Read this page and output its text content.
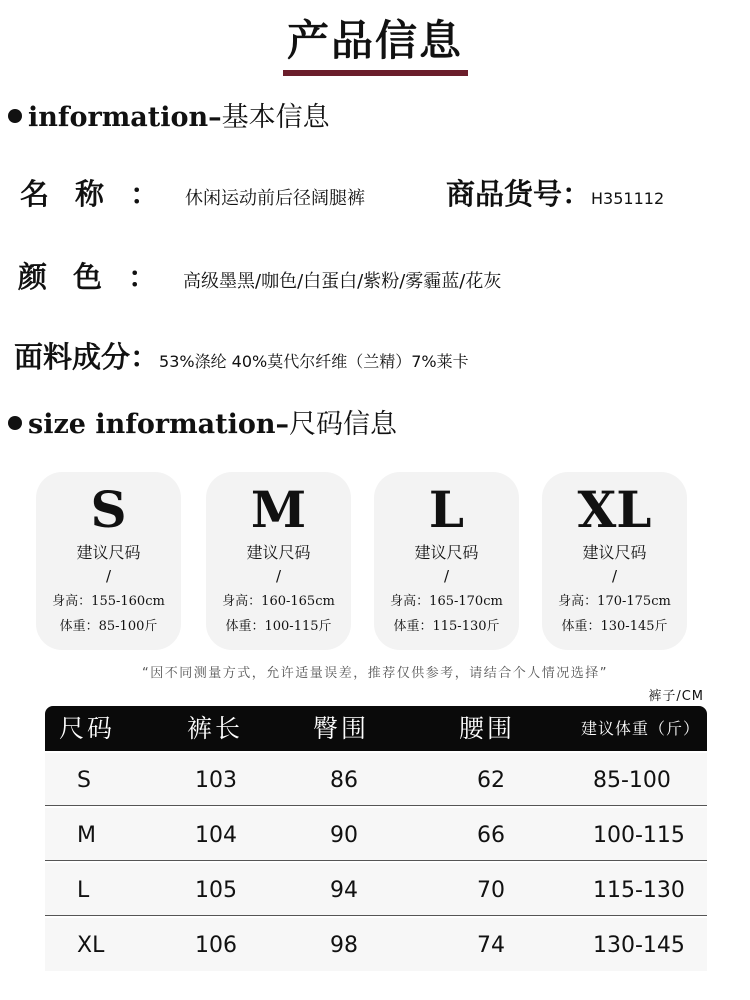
产品信息
information–基本信息
名称： 休闲运动前后径阔腿裤	商品货号： H351112
颜色： 高级墨黑/咖色/白蛋白/紫粉/雾霾蓝/花灰
面料成分： 53%涤纶 40%莫代尔纤维（兰精）7%莱卡
size information–尺码信息
S
建议尺码
/
身高：155-160cm
体重：85-100斤
M
建议尺码
/
身高：160-165cm
体重：100-115斤
L
建议尺码
/
身高：165-170cm
体重：115-130斤
XL
建议尺码
/
身高：170-175cm
体重：130-145斤
“因不同测量方式，允许适量误差，推荐仅供参考，请结合个人情况选择”
裤子/CM
尺码	裤长	臀围	腰围	建议体重（斤）
S	103	86	62	85-100
M	104	90	66	100-115
L	105	94	70	115-130
XL	106	98	74	130-145
